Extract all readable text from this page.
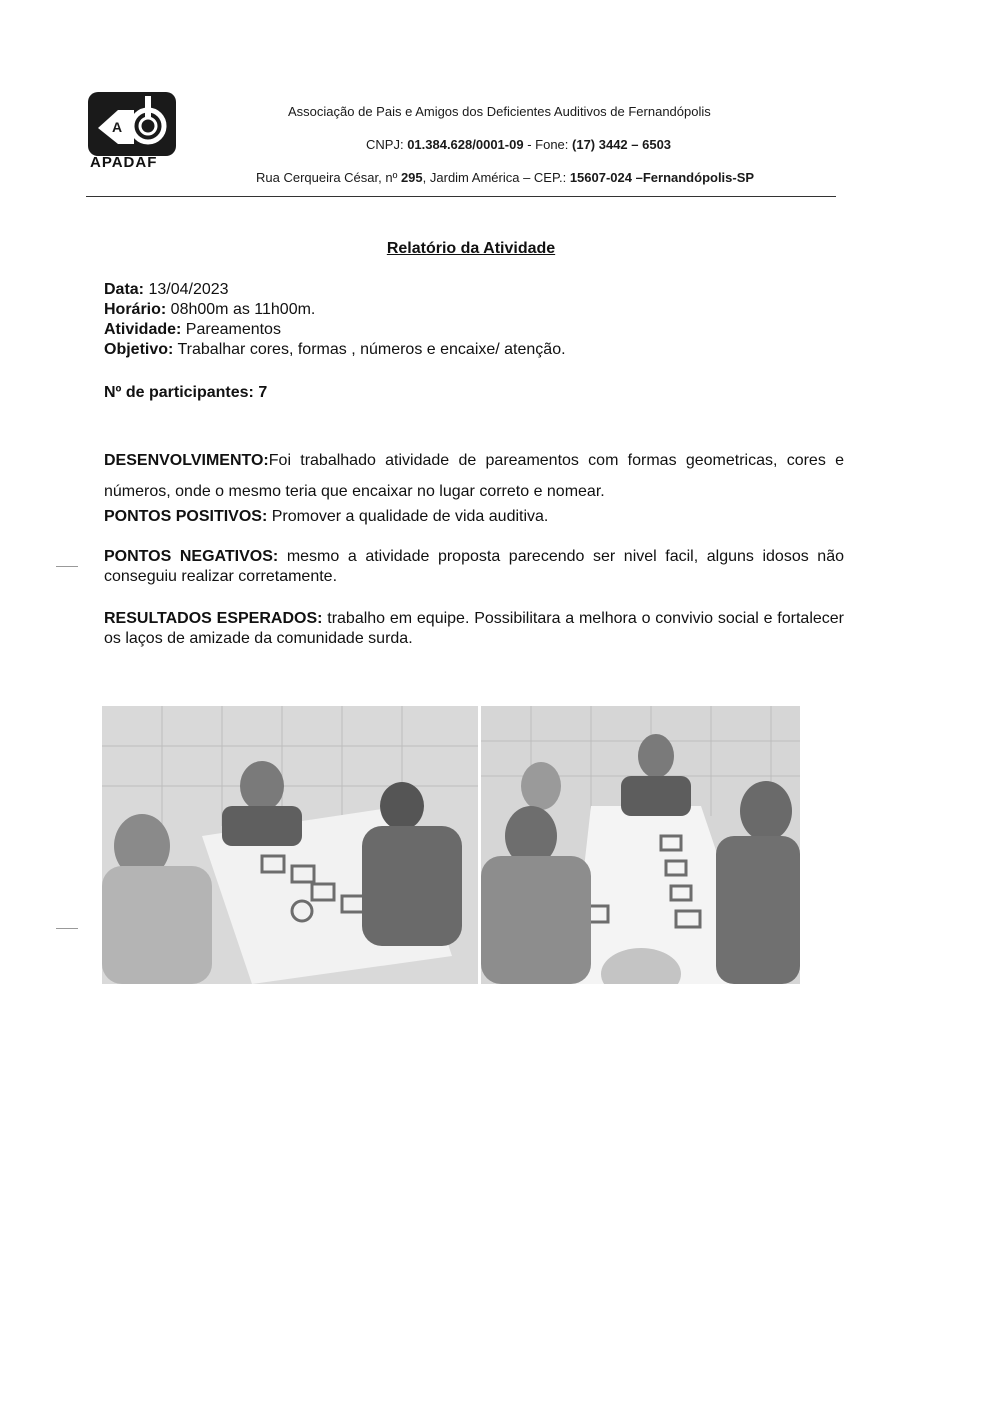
A
APADAF
Associação de Pais e Amigos dos Deficientes Auditivos de Fernandópolis
CNPJ: 01.384.628/0001-09 - Fone: (17) 3442 – 6503
Rua Cerqueira César, nº 295, Jardim América – CEP.: 15607-024 –Fernandópolis-SP
Relatório da Atividade
Data: 13/04/2023
Horário: 08h00m as 11h00m.
Atividade: Pareamentos
Objetivo: Trabalhar cores, formas , números e encaixe/ atenção.
Nº de participantes: 7
DESENVOLVIMENTO:Foi trabalhado atividade de pareamentos com formas geometricas, cores e números, onde o mesmo teria que encaixar no lugar correto e nomear.
PONTOS POSITIVOS: Promover a qualidade de vida auditiva.
PONTOS NEGATIVOS: mesmo a atividade proposta parecendo ser nivel facil, alguns idosos não conseguiu realizar corretamente.
RESULTADOS ESPERADOS: trabalho em equipe. Possibilitara a melhora o convivio social e fortalecer os laços de amizade da comunidade surda.
